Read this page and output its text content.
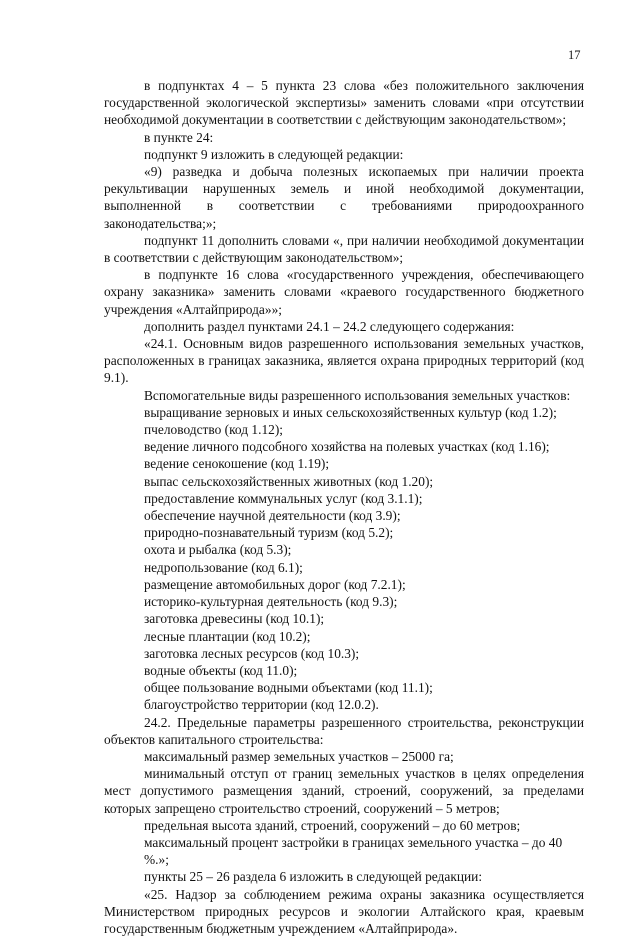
17

в подпунктах 4 – 5 пункта 23 слова «без положительного заключения государственной экологической экспертизы» заменить словами «при отсутствии необходимой документации в соответствии с действующим законодательством»;

в пункте 24:

подпункт 9 изложить в следующей редакции:

«9) разведка и добыча полезных ископаемых при наличии проекта рекультивации нарушенных земель и иной необходимой документации, выполненной в соответствии с требованиями природоохранного законодательства;»;

подпункт 11 дополнить словами «, при наличии необходимой документации в соответствии с действующим законодательством»;

в подпункте 16 слова «государственного учреждения, обеспечивающего охрану заказника» заменить словами «краевого государственного бюджетного учреждения «Алтайприрода»»;

дополнить раздел пунктами 24.1 – 24.2 следующего содержания:

«24.1. Основным видов разрешенного использования земельных участков, расположенных в границах заказника, является охрана природных территорий (код 9.1).

Вспомогательные виды разрешенного использования земельных участков:

выращивание зерновых и иных сельскохозяйственных культур (код 1.2);

пчеловодство (код 1.12);

ведение личного подсобного хозяйства на полевых участках (код 1.16);

ведение сенокошение (код 1.19);

выпас сельскохозяйственных животных (код 1.20);

предоставление коммунальных услуг (код 3.1.1);

обеспечение научной деятельности (код 3.9);

природно-познавательный туризм (код 5.2);

охота и рыбалка (код 5.3);

недропользование (код 6.1);

размещение автомобильных дорог (код 7.2.1);

историко-культурная деятельность (код 9.3);

заготовка древесины (код 10.1);

лесные плантации (код 10.2);

заготовка лесных ресурсов (код 10.3);

водные объекты (код 11.0);

общее пользование водными объектами (код 11.1);

благоустройство территории (код 12.0.2).

24.2. Предельные параметры разрешенного строительства, реконструкции объектов капитального строительства:

максимальный размер земельных участков – 25000 га;

минимальный отступ от границ земельных участков в целях определения мест допустимого размещения зданий, строений, сооружений, за пределами которых запрещено строительство строений, сооружений – 5 метров;

предельная высота зданий, строений, сооружений – до 60 метров;

максимальный процент застройки в границах земельного участка – до 40 %.»;

пункты 25 – 26 раздела 6 изложить в следующей редакции:

«25. Надзор за соблюдением режима охраны заказника осуществляется Министерством природных ресурсов и экологии Алтайского края, краевым государственным бюджетным учреждением «Алтайприрода».
